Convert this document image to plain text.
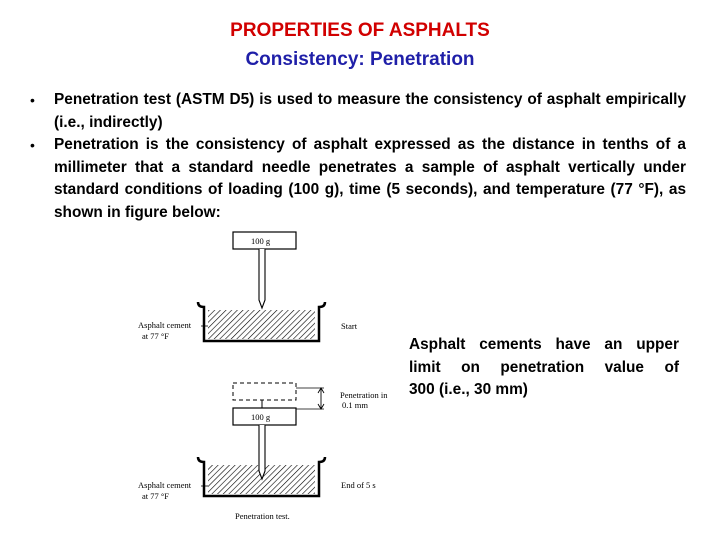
PROPERTIES OF ASPHALTS
Consistency: Penetration
• Penetration test (ASTM D5) is used to measure the consistency of asphalt empirically (i.e., indirectly)
• Penetration is the consistency of asphalt expressed as the distance in tenths of a millimeter that a standard needle penetrates a sample of asphalt vertically under standard conditions of loading (100 g), time (5 seconds), and temperature (77 °F), as shown in figure below:
100 g
Asphalt cement
at 77 °F
Start
100 g
Penetration in
0.1 mm
Asphalt cement
at 77 °F
End of 5 s
Penetration test.
Asphalt cements have an upper
limit on penetration value of
300 (i.e., 30 mm)
